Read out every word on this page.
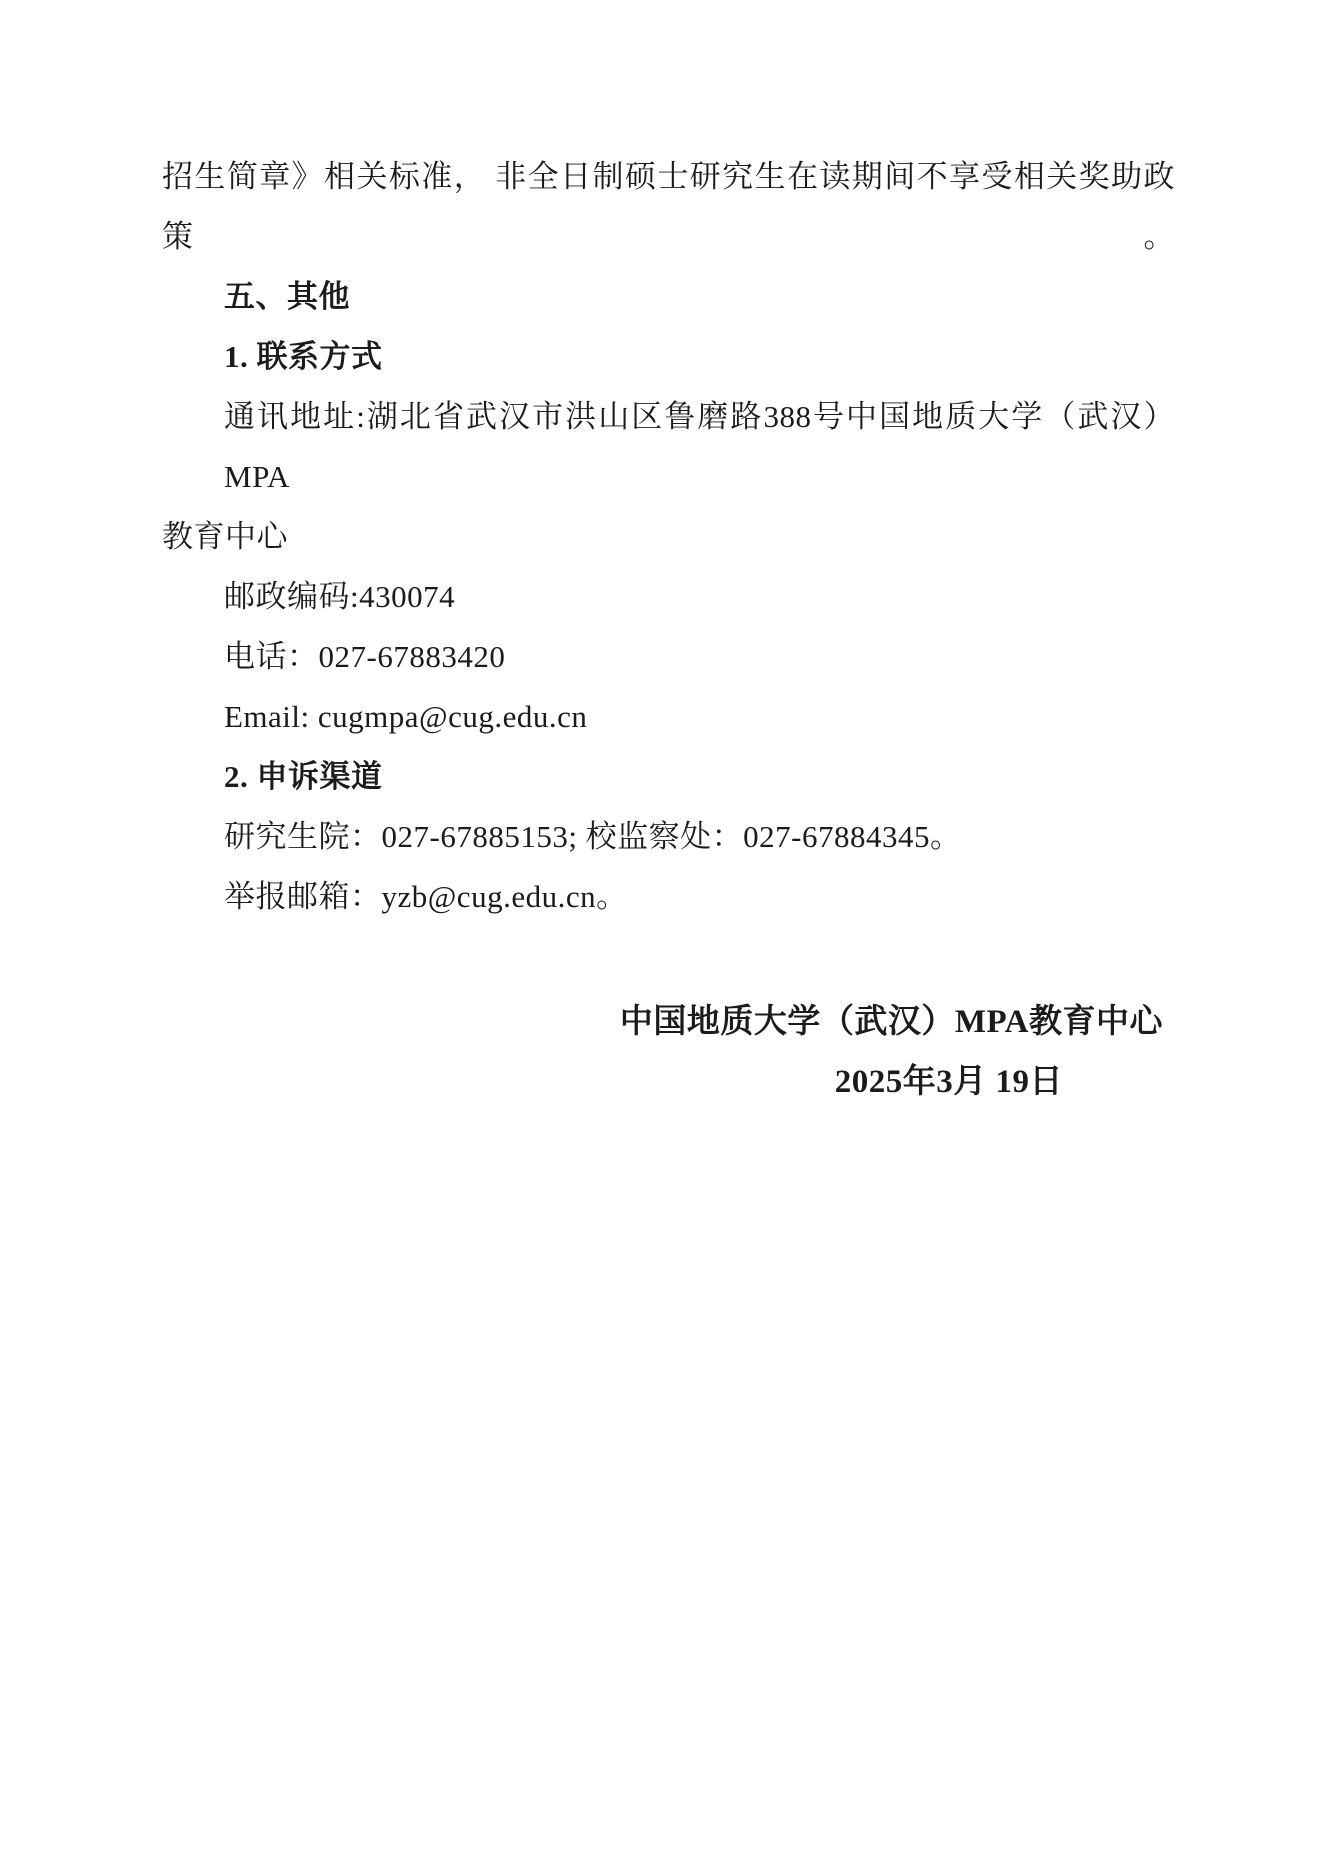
招生简章》相关标准， 非全日制硕士研究生在读期间不享受相关奖助政策。

五、其他

1. 联系方式

通讯地址:湖北省武汉市洪山区鲁磨路388号中国地质大学（武汉）MPA

教育中心

邮政编码:430074

电话：027-67883420

Email: cugmpa@cug.edu.cn

2. 申诉渠道

研究生院：027-67885153; 校监察处：027-67884345。

举报邮箱：yzb@cug.edu.cn。

中国地质大学（武汉）MPA教育中心

2025年3月 19日
